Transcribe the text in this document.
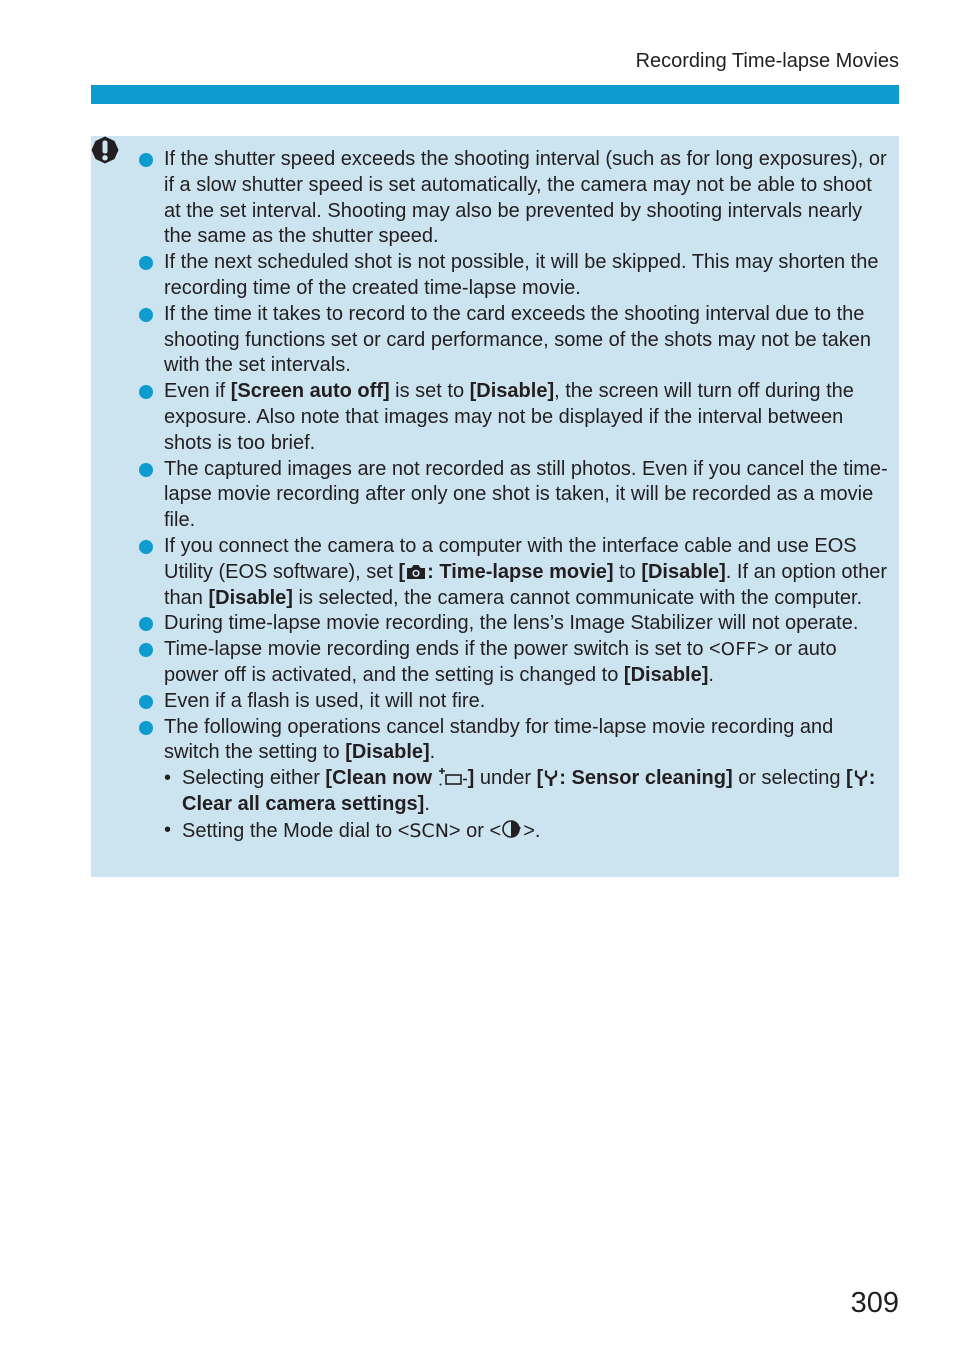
Recording Time-lapse Movies
If the shutter speed exceeds the shooting interval (such as for long exposures), or if a slow shutter speed is set automatically, the camera may not be able to shoot at the set interval. Shooting may also be prevented by shooting intervals nearly the same as the shutter speed.
If the next scheduled shot is not possible, it will be skipped. This may shorten the recording time of the created time-lapse movie.
If the time it takes to record to the card exceeds the shooting interval due to the shooting functions set or card performance, some of the shots may not be taken with the set intervals.
Even if [Screen auto off] is set to [Disable], the screen will turn off during the exposure. Also note that images may not be displayed if the interval between shots is too brief.
The captured images are not recorded as still photos. Even if you cancel the time-lapse movie recording after only one shot is taken, it will be recorded as a movie file.
If you connect the camera to a computer with the interface cable and use EOS Utility (EOS software), set [ : Time-lapse movie] to [Disable]. If an option other than [Disable] is selected, the camera cannot communicate with the computer.
During time-lapse movie recording, the lens’s Image Stabilizer will not operate.
Time-lapse movie recording ends if the power switch is set to <OFF> or auto power off is activated, and the setting is changed to [Disable].
Even if a flash is used, it will not fire.
The following operations cancel standby for time-lapse movie recording and switch the setting to [Disable].
• Selecting either [Clean now ] under [ : Sensor cleaning] or selecting [ : Clear all camera settings].
• Setting the Mode dial to <SCN> or < >.
309
